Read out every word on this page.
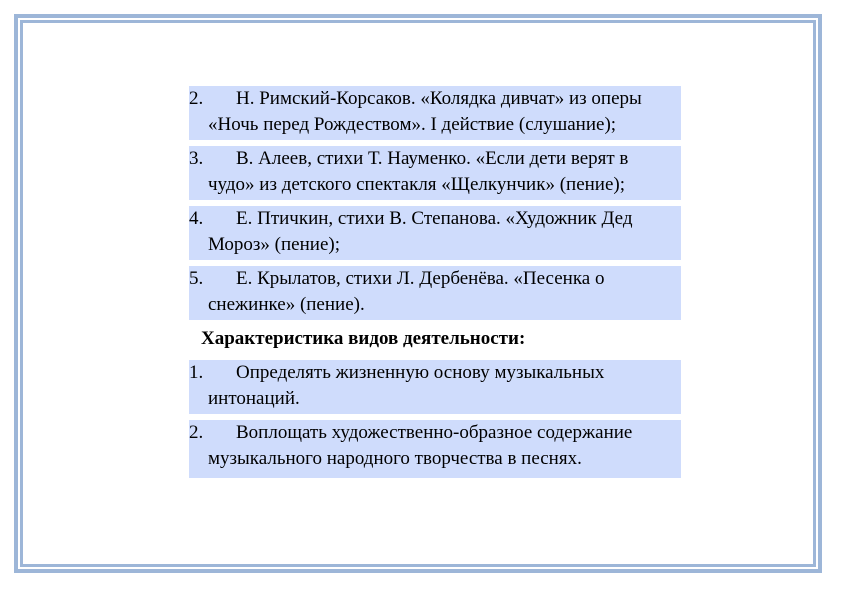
2.	Н. Римский-Корсаков. «Колядка дивчат» из оперы «Ночь перед Рождеством». I действие (слушание);
3.	В. Алеев, стихи Т. Науменко. «Если дети верят в чудо» из детского спектакля «Щелкунчик» (пение);
4.	Е. Птичкин, стихи В. Степанова. «Художник Дед Мороз» (пение);
5.	Е. Крылатов, стихи Л. Дербенёва. «Песенка о снежинке» (пение).
Характеристика видов деятельности:
1.	Определять жизненную основу музыкальных интонаций.
2.	Воплощать художественно-образное содержание музыкального народного творчества в песнях.
